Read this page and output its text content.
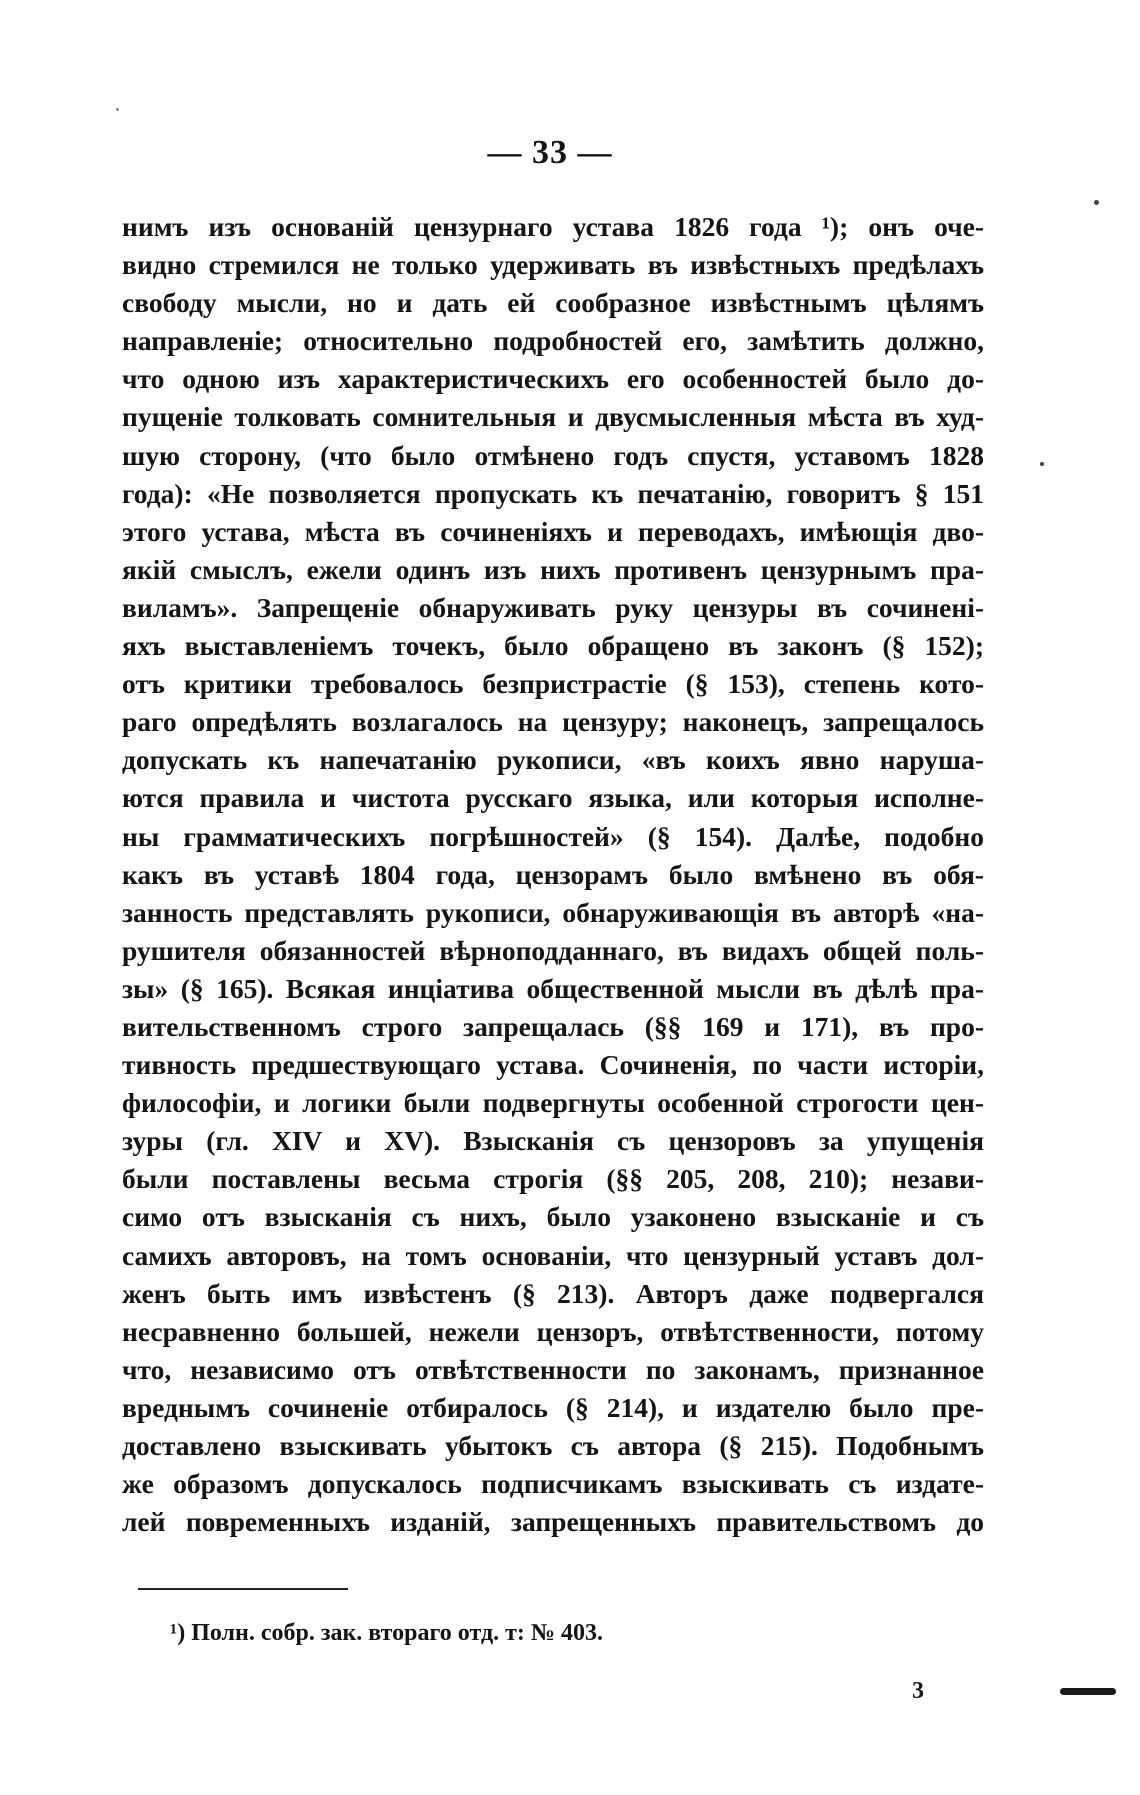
— 33 —
нимъ изъ основаній цензурнаго устава 1826 года ¹); онъ оче-
видно стремился не только удерживать въ извѣстныхъ предѣлахъ
свободу мысли, но и дать ей сообразное извѣстнымъ цѣлямъ
направленіе; относительно подробностей его, замѣтить должно,
что одною изъ характеристическихъ его особенностей было до-
пущеніе толковать сомнительныя и двусмысленныя мѣста въ худ-
шую сторону, (что было отмѣнено годъ спустя, уставомъ 1828
года): «Не позволяется пропускать къ печатанію, говоритъ § 151
этого устава, мѣста въ сочиненіяхъ и переводахъ, имѣющія дво-
якій смыслъ, ежели одинъ изъ нихъ противенъ цензурнымъ пра-
виламъ». Запрещеніе обнаруживать руку цензуры въ сочиненi-
яхъ выставленіемъ точекъ, было обращено въ законъ (§ 152);
отъ критики требовалось безпристрастіе (§ 153), степень кото-
раго опредѣлять возлагалось на цензуру; наконецъ, запрещалось
допускать къ напечатанію рукописи, «въ коихъ явно наруша-
ются правила и чистота русскаго языка, или которыя исполне-
ны грамматическихъ погрѣшностей» (§ 154). Далѣе, подобно
какъ въ уставѣ 1804 года, цензорамъ было вмѣнено въ обя-
занность представлять рукописи, обнаруживающія въ авторѣ «на-
рушителя обязанностей вѣрноподданнаго, въ видахъ общей поль-
зы» (§ 165). Всякая инціативa общественной мысли въ дѣлѣ пра-
вительственномъ строго запрещалась (§§ 169 и 171), въ про-
тивность предшествующаго устава. Сочиненія, по части исторіи,
философіи, и логики были подвергнуты особенной строгости цен-
зуры (гл. XIV и XV). Взысканія съ цензоровъ за упущенія
были поставлены весьма строгія (§§ 205, 208, 210); незави-
симо отъ взысканія съ нихъ, было узаконено взысканіе и съ
самихъ авторовъ, на томъ основаніи, что цензурный уставъ дол-
женъ быть имъ извѣстенъ (§ 213). Авторъ даже подвергался
несравненно большей, нежели цензоръ, отвѣтственности, потому
что, независимо отъ отвѣтственности по законамъ, признанное
вреднымъ сочиненіе отбиралось (§ 214), и издателю было пре-
доставлено взыскивать убытокъ съ автора (§ 215). Подобнымъ
же образомъ допускалось подписчикамъ взыскивать съ издате-
лей повременныхъ изданій, запрещенныхъ правительствомъ до
¹) Полн. собр. зак. вторaго отд. т: № 403.
3
